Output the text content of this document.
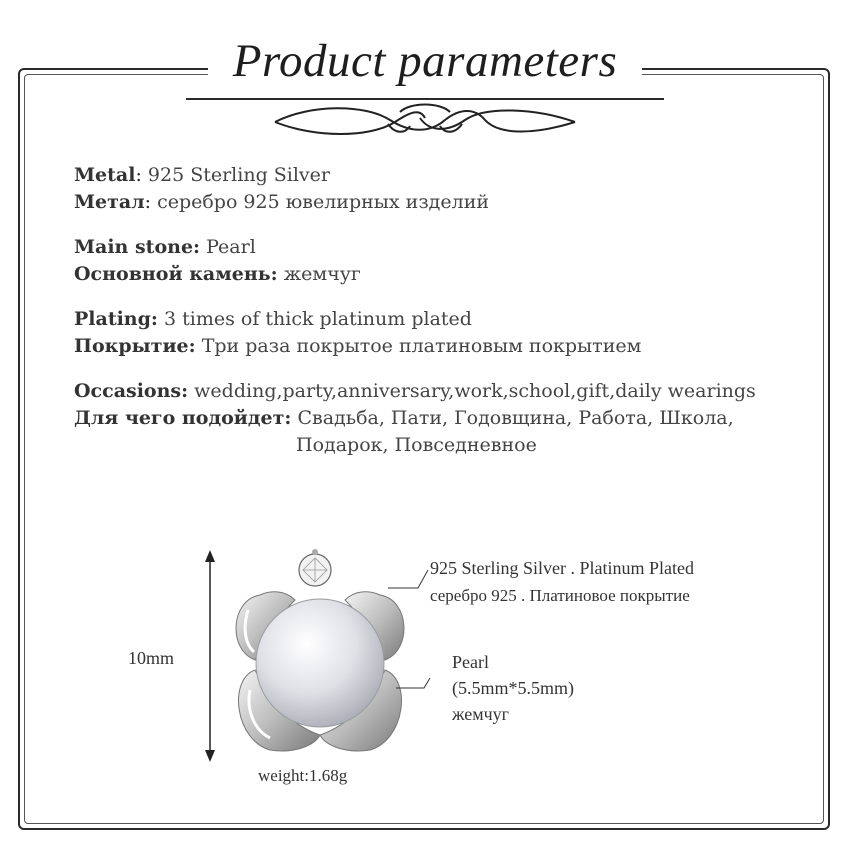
Product parameters
Metal: 925 Sterling Silver
Метал: серебро 925 ювелирных изделий
Main stone: Pearl
Основной камень: жемчуг
Plating: 3 times of thick platinum plated
Покрытие: Три раза покрытое платиновым покрытием
Occasions: wedding,party,anniversary,work,school,gift,daily wearings
Для чего подойдет: Свадьба, Пати, Годовщина, Работа, Школа,
Подарок, Повседневное
10mm
925 Sterling Silver . Platinum Plated
серебро 925 . Платиновое покрытие
Pearl
(5.5mm*5.5mm)
жемчуг
weight:1.68g
